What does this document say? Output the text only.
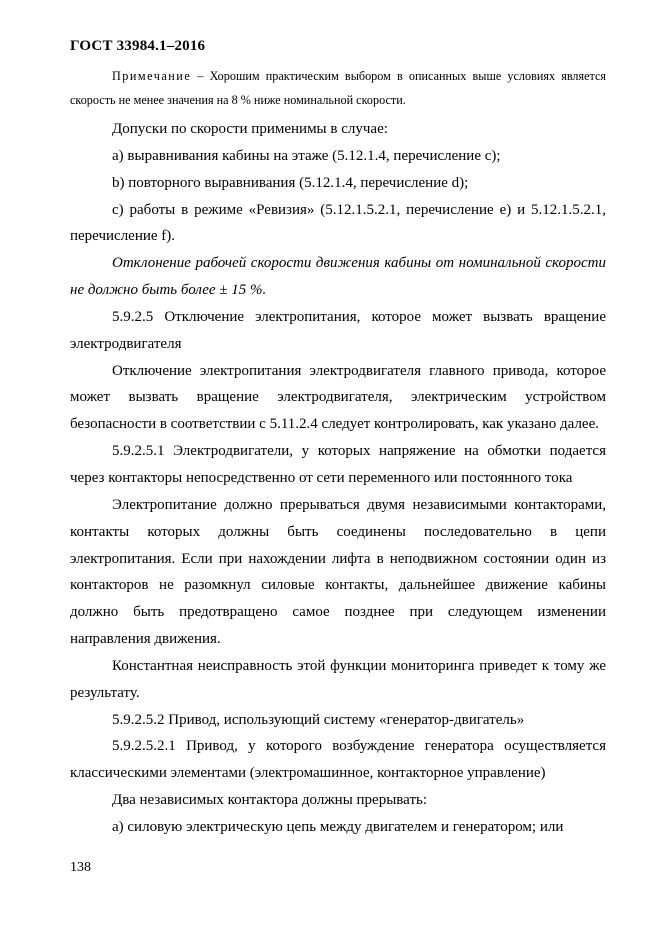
ГОСТ 33984.1–2016

Примечание – Хорошим практическим выбором в описанных выше условиях является скорость не менее значения на 8 % ниже номинальной скорости.

Допуски по скорости применимы в случае:

a) выравнивания кабины на этаже (5.12.1.4, перечисление c);

b) повторного выравнивания (5.12.1.4, перечисление d);

c) работы в режиме «Ревизия» (5.12.1.5.2.1, перечисление e) и 5.12.1.5.2.1, перечисление f).

Отклонение рабочей скорости движения кабины от номинальной скорости не должно быть более ± 15 %.

5.9.2.5 Отключение электропитания, которое может вызвать вращение электродвигателя

Отключение электропитания электродвигателя главного привода, которое может вызвать вращение электродвигателя, электрическим устройством безопасности в соответствии с 5.11.2.4 следует контролировать, как указано далее.

5.9.2.5.1 Электродвигатели, у которых напряжение на обмотки подается через контакторы непосредственно от сети переменного или постоянного тока

Электропитание должно прерываться двумя независимыми контакторами, контакты которых должны быть соединены последовательно в цепи электропитания. Если при нахождении лифта в неподвижном состоянии один из контакторов не разомкнул силовые контакты, дальнейшее движение кабины должно быть предотвращено самое позднее при следующем изменении направления движения.

Константная неисправность этой функции мониторинга приведет к тому же результату.

5.9.2.5.2 Привод, использующий систему «генератор-двигатель»

5.9.2.5.2.1 Привод, у которого возбуждение генератора осуществляется классическими элементами (электромашинное, контакторное управление)

Два независимых контактора должны прерывать:

a) силовую электрическую цепь между двигателем и генератором; или

138
